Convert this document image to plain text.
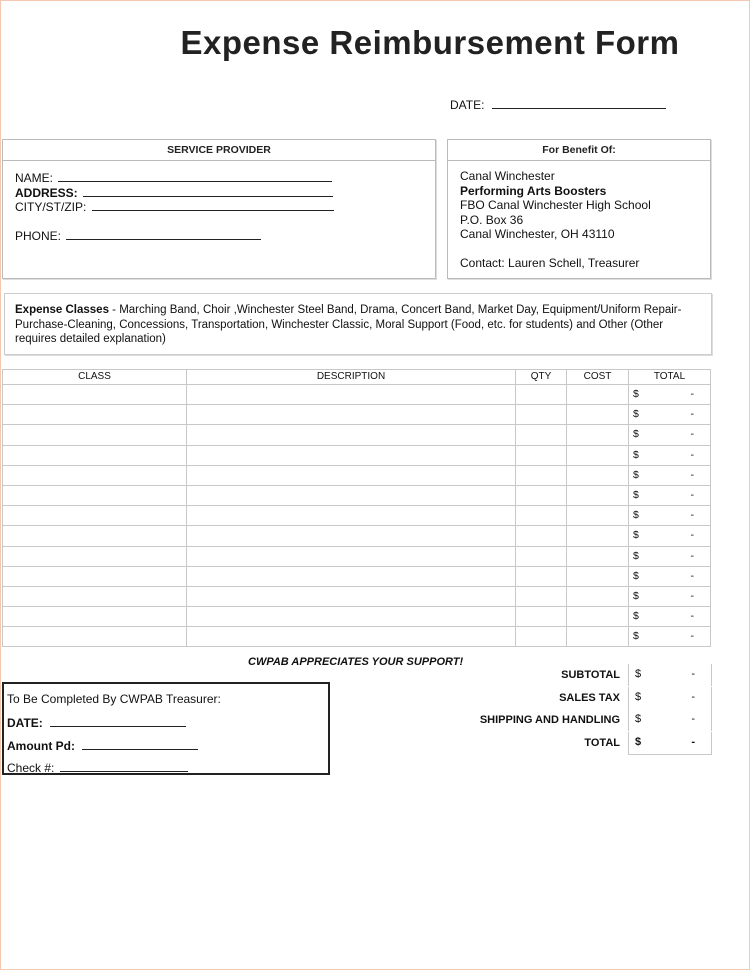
Expense Reimbursement Form
DATE:
SERVICE PROVIDER
NAME:
ADDRESS:
CITY/ST/ZIP:
PHONE:
For Benefit Of:
Canal Winchester
Performing Arts Boosters
FBO Canal Winchester High School
P.O. Box 36
Canal Winchester, OH 43110
Contact: Lauren Schell, Treasurer
Expense Classes - Marching Band, Choir ,Winchester Steel Band, Drama, Concert Band, Market Day, Equipment/Uniform Repair-Purchase-Cleaning, Concessions, Transportation, Winchester Classic, Moral Support (Food, etc. for students) and Other (Other requires detailed explanation)
CLASS	DESCRIPTION	QTY	COST	TOTAL

				$ -

				$ -

				$ -

				$ -

				$ -

				$ -

				$ -

				$ -

				$ -

				$ -

				$ -

				$ -

				$ -
CWPAB APPRECIATES YOUR SUPPORT!
SUBTOTAL $	-
SALES TAX $	-
SHIPPING AND HANDLING $	-
TOTAL $	-
To Be Completed By CWPAB Treasurer:
DATE:
Amount Pd:
Check #:
